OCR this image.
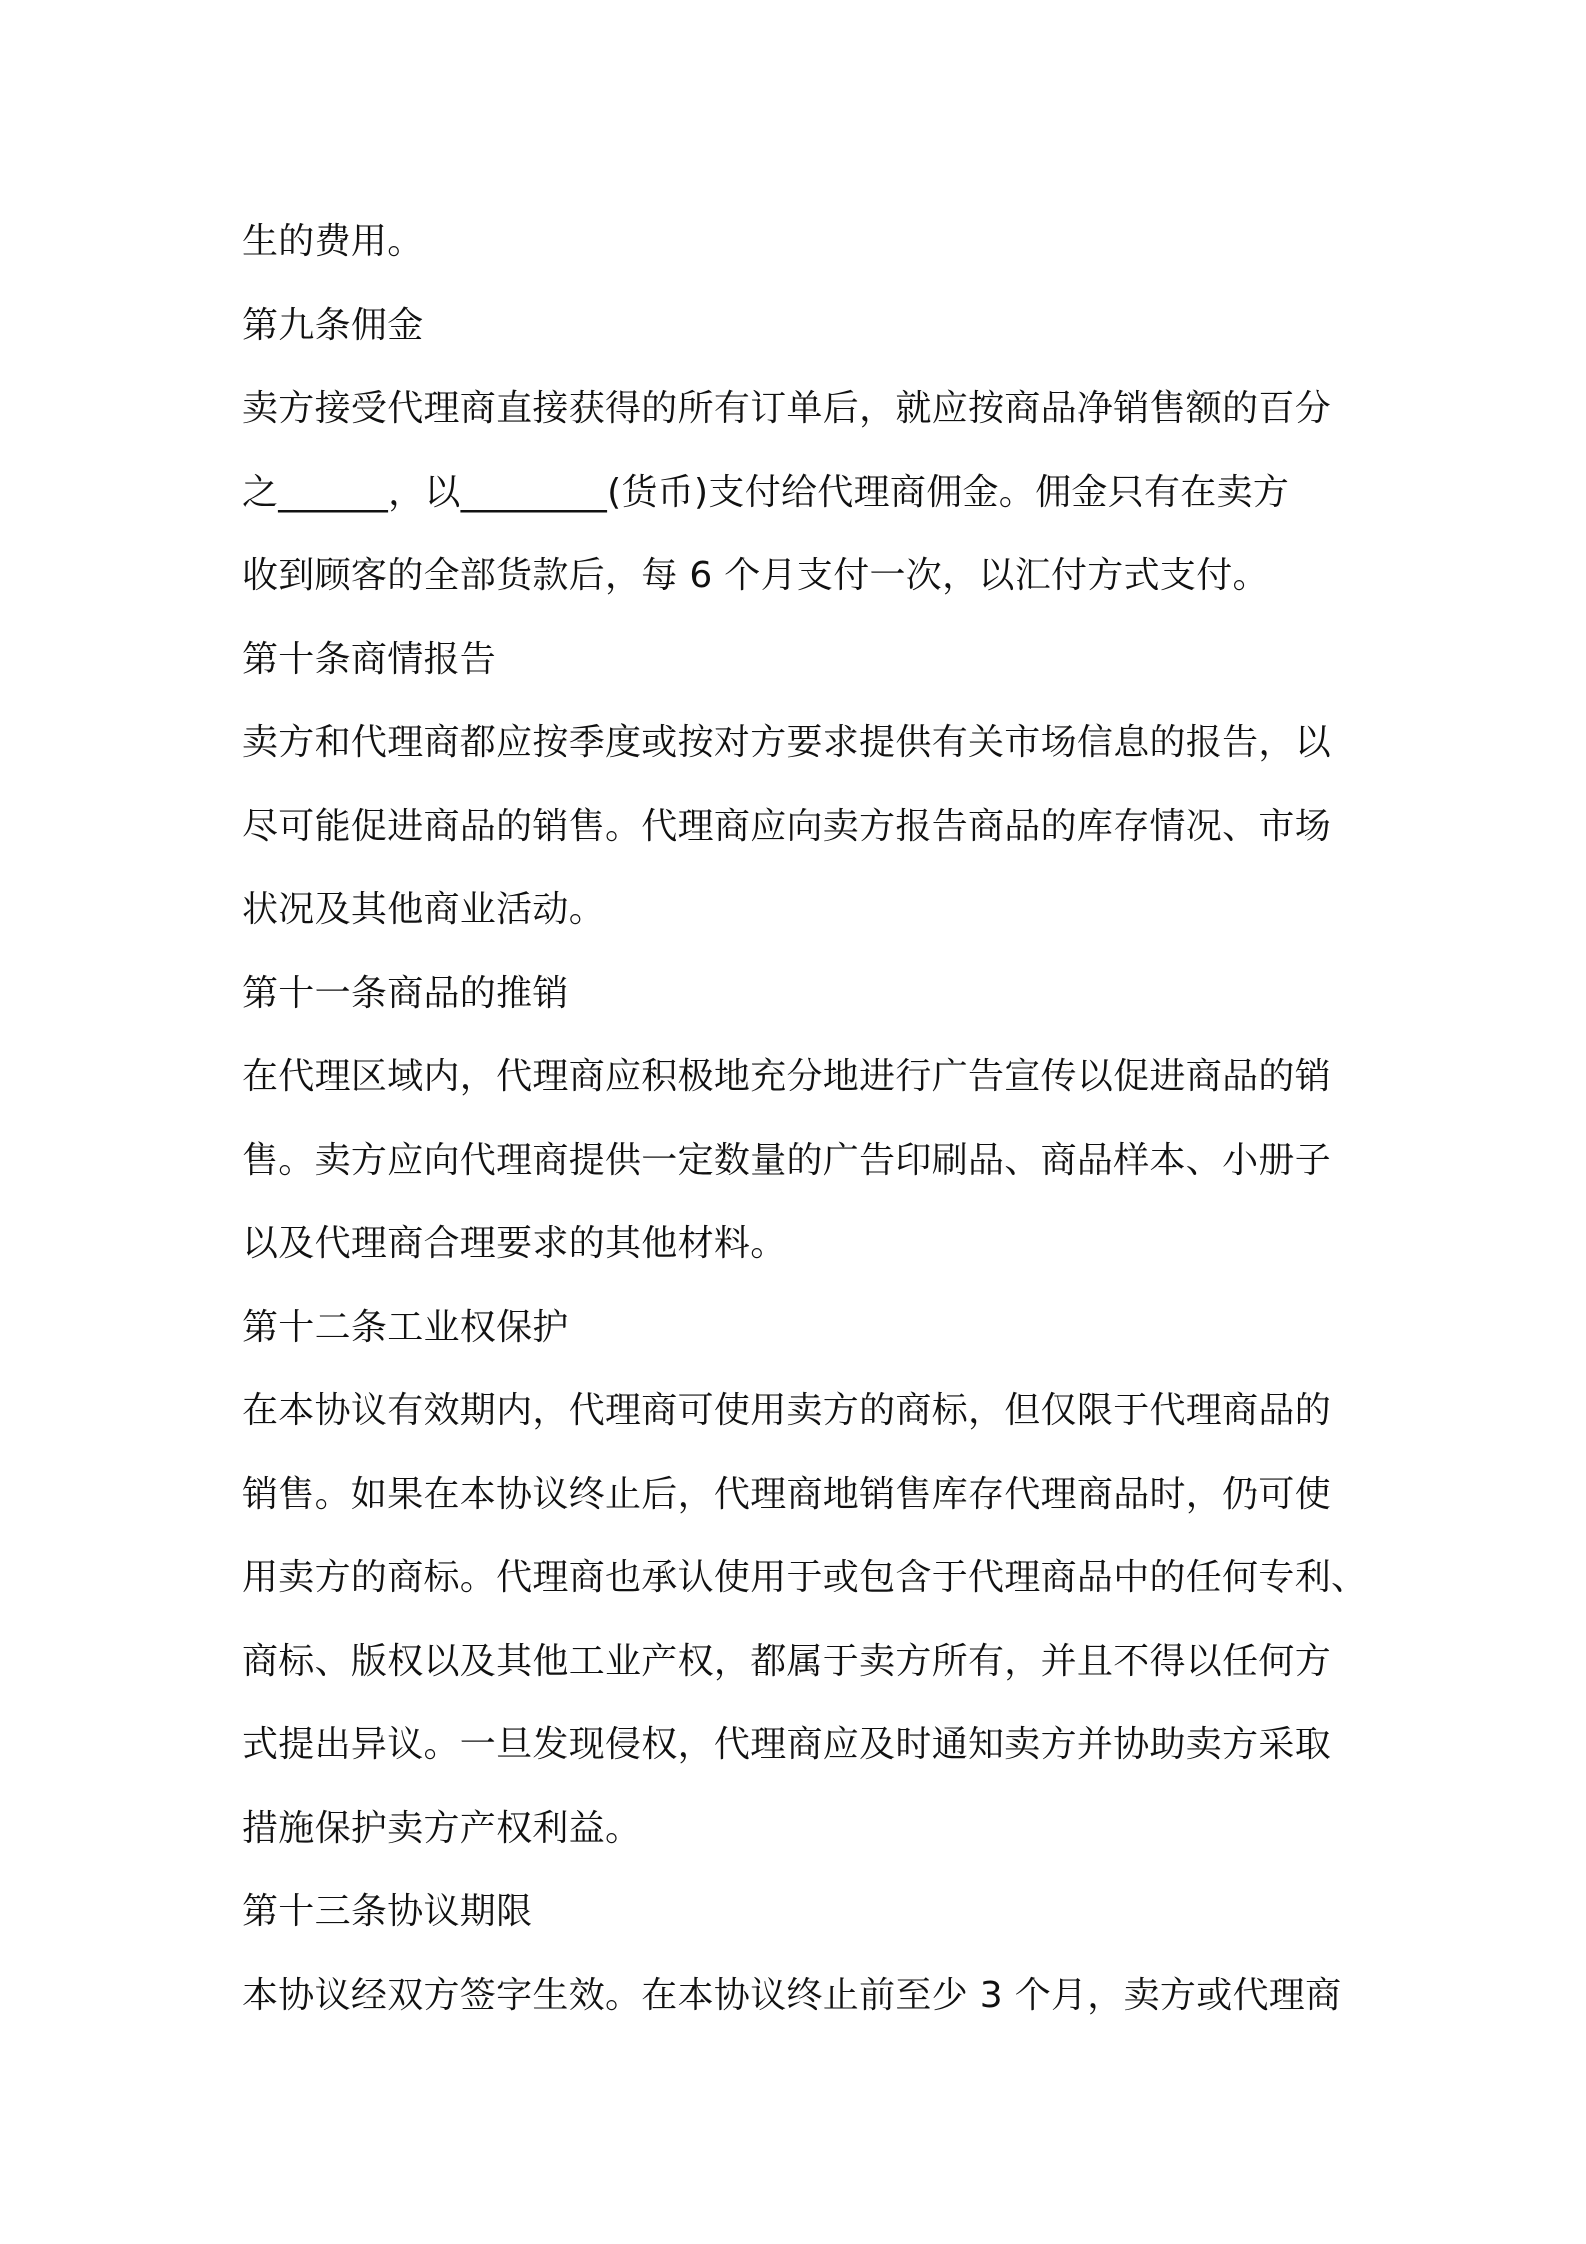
生的费用。
第九条佣金
卖方接受代理商直接获得的所有订单后，就应按商品净销售额的百分
之______，以________(货币)支付给代理商佣金。佣金只有在卖方
收到顾客的全部货款后，每 6 个月支付一次，以汇付方式支付。
第十条商情报告
卖方和代理商都应按季度或按对方要求提供有关市场信息的报告，以
尽可能促进商品的销售。代理商应向卖方报告商品的库存情况、市场
状况及其他商业活动。
第十一条商品的推销
在代理区域内，代理商应积极地充分地进行广告宣传以促进商品的销
售。卖方应向代理商提供一定数量的广告印刷品、商品样本、小册子
以及代理商合理要求的其他材料。
第十二条工业权保护
在本协议有效期内，代理商可使用卖方的商标，但仅限于代理商品的
销售。如果在本协议终止后，代理商地销售库存代理商品时，仍可使
用卖方的商标。代理商也承认使用于或包含于代理商品中的任何专利、
商标、版权以及其他工业产权，都属于卖方所有，并且不得以任何方
式提出异议。一旦发现侵权，代理商应及时通知卖方并协助卖方采取
措施保护卖方产权利益。
第十三条协议期限
本协议经双方签字生效。在本协议终止前至少 3 个月，卖方或代理商
